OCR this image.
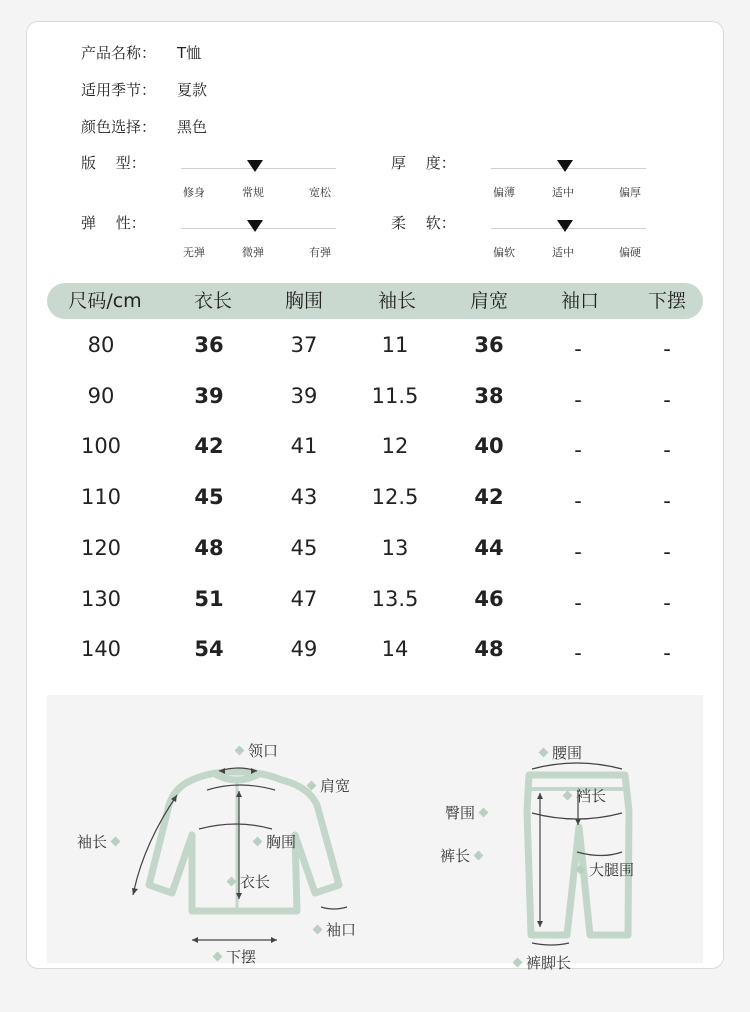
产品名称： T恤
适用季节： 夏款
颜色选择： 黑色
版　 型：
修身	常规	宽松
厚　 度：
偏薄	适中	偏厚
弹　 性：
无弹	微弹	有弹
柔　 软：
偏软	适中	偏硬
尺码/cm	衣长	胸围	袖长	肩宽	袖口	下摆
80	36	37	11	36	-	-
90	39	39	11.5	38	-	-
100	42	41	12	40	-	-
110	45	43	12.5	42	-	-
120	48	45	13	44	-	-
130	51	47	13.5	46	-	-
140	54	49	14	48	-	-
领口
肩宽
袖长	胸围
衣长
袖口
下摆
腰围
裆长
臀围
裤长
大腿围
裤脚长
